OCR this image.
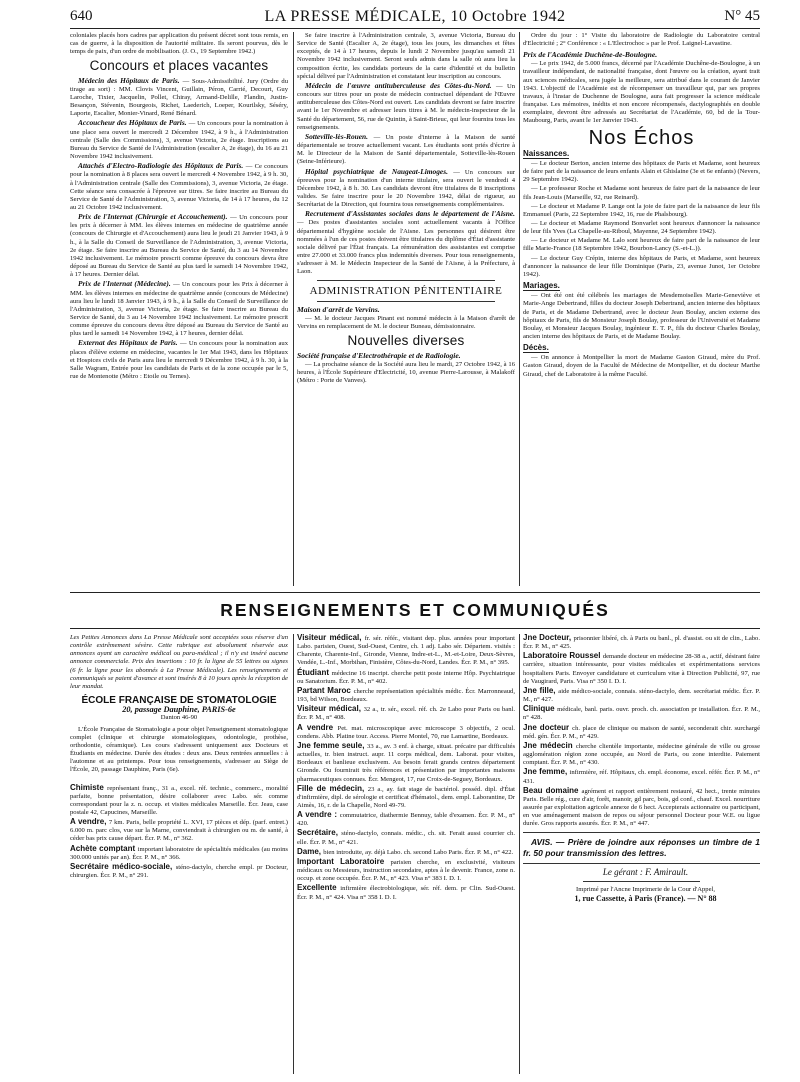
640	LA PRESSE MÉDICALE, 10 Octobre 1942	N° 45

coloniales placés hors cadres par application du présent décret sont tous remis, en cas de guerre, à la disposition de l'autorité militaire. Ils seront pourvus, dès le temps de paix, d'un ordre de mobilisation. (J. O., 19 Septembre 1942.)

Concours et places vacantes

Médecin des Hôpitaux de Paris. — Sous-Admissibilité. Jury (Ordre du tirage au sort) : MM. Clovis Vincent, Guillain, Péron, Carrié, Decourt, Guy Laroche, Tixier, Jacquelin, Pollet, Chiray, Armand-Delille, Flandin, Justin-Besançon, Stévenin, Bourgeois, Richet, Laederich, Loeper, Kourilsky, Séséry, Laporte, Escalier, Monier-Vinard, René Bénard.

Accoucheur des Hôpitaux de Paris. — Un concours pour la nomination à une place sera ouvert le mercredi 2 Décembre 1942, à 9 h., à l'Administration centrale (Salle des Commissions), 3, avenue Victoria, 2e étage. Inscriptions au Bureau du Service de Santé de l'Administration (escalier A, 2e étage), du 16 au 21 Novembre 1942 inclusivement.

Attachés d'Electro-Radiologie des Hôpitaux de Paris. — Ce concours pour la nomination à 8 places sera ouvert le mercredi 4 Novembre 1942, à 9 h. 30, à l'Administration centrale (Salle des Commissions), 3, avenue Victoria, 2e étage. Cette séance sera consacrée à l'épreuve sur titres. Se faire inscrire au Bureau du Service de Santé de l'Administration, 3, avenue Victoria, de 14 à 17 heures, du 12 au 21 Octobre 1942 inclusivement.

Prix de l'Internat (Chirurgie et Accouchement). — Un concours pour les prix à décerner à MM. les élèves internes en médecine de quatrième année (concours de Chirurgie et d'Accouchement) aura lieu le jeudi 21 Janvier 1943, à 9 h., à la Salle du Conseil de Surveillance de l'Administration, 3, avenue Victoria, 2e étage. Se faire inscrire au Bureau du Service de Santé, du 3 au 14 Novembre 1942 inclusivement. Le mémoire prescrit comme épreuve du concours devra être déposé au Bureau du Service de Santé au plus tard le samedi 14 Novembre 1942, à 17 heures. Dernier délai.

Prix de l'Internat (Médecine). — Un concours pour les Prix à décerner à MM. les élèves internes en médecine de quatrième année (concours de Médecine) aura lieu le lundi 18 Janvier 1943, à 9 h., à la Salle du Conseil de Surveillance de l'Administration, 3, avenue Victoria, 2e étage. Se faire inscrire au Bureau du Service de Santé, du 3 au 14 Novembre 1942 inclusivement. Le mémoire prescrit comme épreuve du concours devra être déposé au Bureau du Service de Santé au plus tard le samedi 14 Novembre 1942, à 17 heures, dernier délai.

Externat des Hôpitaux de Paris. — Un concours pour la nomination aux places d'élève externe en médecine, vacantes le 1er Mai 1943, dans les Hôpitaux et Hospices civils de Paris aura lieu le mercredi 9 Décembre 1942, à 9 h. 30, à la Salle Wagram, Entrée pour les candidats de Paris et de la zone occupée par le 5, rue de Montenotte (Métro : Etoile ou Ternes).

Se faire inscrire à l'Administration centrale, 3, avenue Victoria, Bureau du Service de Santé (Escalier A, 2e étage), tous les jours, les dimanches et fêtes exceptés, de 14 à 17 heures, depuis le lundi 2 Novembre jusqu'au samedi 21 Novembre 1942 inclusivement. Seront seuls admis dans la salle où aura lieu la composition écrite, les candidats porteurs de la carte d'identité et du bulletin spécial délivré par l'Administration et constatant leur inscription au concours.

Médecin de l'œuvre antituberculeuse des Côtes-du-Nord. — Un concours sur titres pour un poste de médecin contractuel dépendant de l'Œuvre antituberculeuse des Côtes-Nord est ouvert. Les candidats devront se faire inscrire avant le 1er Novembre et adresser leurs titres à M. le médecin-inspecteur de la Santé du département, 56, rue de Quintin, à Saint-Brieuc, qui leur fournira tous les renseignements.

Sotteville-lès-Rouen. — Un poste d'interne à la Maison de santé départementale se trouve actuellement vacant. Les étudiants sont priés d'écrire à M. le Directeur de la Maison de Santé départementale, Sotteville-lès-Rouen (Seine-Inférieure).

Hôpital psychiatrique de Naugeat-Limoges. — Un concours sur épreuves pour la nomination d'un interne titulaire, sera ouvert le vendredi 4 Décembre 1942, à 8 h. 30. Les candidats devront être titulaires de 8 inscriptions valides. Se faire inscrire pour le 20 Novembre 1942, délai de rigueur, au Secrétariat de la Direction, qui fournira tous renseignements complémentaires.

Recrutement d'Assistantes sociales dans le département de l'Aisne. — Des postes d'assistantes sociales sont actuellement vacants à l'Office départemental d'hygiène sociale de l'Aisne. Les personnes qui désirent être nommées à l'un de ces postes doivent être titulaires du diplôme d'État d'assistante sociale délivré par l'État français. La rémunération des assistantes est comprise entre 27.000 et 33.000 francs plus indemnités diverses. Pour tous renseignements, s'adresser à M. le Médecin Inspecteur de la Santé de l'Aisne, à la Préfecture, à Laon.

ADMINISTRATION PÉNITENTIAIRE
Maison d'arrêt de Vervins.

— M. le docteur Jacques Pinant est nommé médecin à la Maison d'arrêt de Vervins en remplacement de M. le docteur Buneau, démissionnaire.

Nouvelles diverses
Société française d'Electrothérapie et de Radiologie.

— La prochaine séance de la Société aura lieu le mardi, 27 Octobre 1942, à 16 heures, à l'École Supérieure d'Electricité, 10, avenue Pierre-Larousse, à Malakoff (Métro : Porte de Vanves).

Ordre du jour : 1° Visite du laboratoire de Radiologie du Laboratoire central d'Electricité ; 2° Conférence : « L'Electrochoc » par le Prof. Laignel-Lavastine.

Prix de l'Académie Duchêne-de-Boulogne.

— Le prix 1942, de 5.000 francs, décerné par l'Académie Duchêne-de-Boulogne, à un travailleur indépendant, de nationalité française, dont l'œuvre ou la création, ayant trait aux sciences médicales, sera jugée la meilleure, sera attribué dans le courant de Janvier 1943. L'objectif de l'Académie est de récompenser un travailleur qui, par ses propres travaux, à l'instar de Duchenne de Boulogne, aura fait progresser la science médicale française. Les mémoires, inédits et non encore récompensés, dactylographiés en double exemplaire, devront être adressés au Secrétariat de l'Académie, 60, bd de la Tour-Maubourg, Paris, avant le 1er Janvier 1943.

Nos Échos
Naissances.

— Le docteur Berton, ancien interne des hôpitaux de Paris et Madame, sont heureux de faire part de la naissance de leurs enfants Alain et Ghislaine (3e et 6e enfants) (Nevers, 29 Septembre 1942).

— Le professeur Roche et Madame sont heureux de faire part de la naissance de leur fils Jean-Louis (Marseille, 92, rue Reinard).

— Le docteur et Madame P. Lange ont la joie de faire part de la naissance de leur fils Emmanuel (Paris, 22 Septembre 1942, 16, rue de Phalsbourg).

— Le docteur et Madame Raymond Bonvarlet sont heureux d'annoncer la naissance de leur fils Yves (La Chapelle-au-Riboul, Mayenne, 24 Septembre 1942).

— Le docteur et Madame M. Lalo sont heureux de faire part de la naissance de leur fille Marie-France (18 Septembre 1942, Bourbon-Lancy (S.-et-L.)).

— Le docteur Guy Crépin, interne des hôpitaux de Paris, et Madame, sont heureux d'annoncer la naissance de leur fille Dominique (Paris, 23, avenue Junot, 1er Octobre 1942).

Mariages.

— Ont été ont été célébrés les mariages de Mesdemoiselles Marie-Geneviève et Marie-Ange Debertrand, filles du docteur Joseph Debertrand, ancien interne des hôpitaux de Paris, et de Madame Debertrand, avec le docteur Jean Boulay, ancien externe des hôpitaux de Paris, fils de Monsieur Joseph Boulay, professeur de l'Université et Madame Boulay, et Monsieur Jacques Boulay, ingénieur E. T. P., fils du docteur Charles Boulay, ancien interne des hôpitaux de Paris, et de Madame Boulay.

Décès.

— On annonce à Montpellier la mort de Madame Gaston Giraud, mère du Prof. Gaston Giraud, doyen de la Faculté de Médecine de Montpellier, et du docteur Marthe Giraud, chef de Laboratoire à la même Faculté.

RENSEIGNEMENTS ET COMMUNIQUÉS

Les Petites Annonces dans La Presse Médicale sont acceptées sous réserve d'un contrôle extrêmement sévère. Cette rubrique est absolument réservée aux annonces ayant un caractère médical ou para-médical ; il n'y est inséré aucune annonce commerciale. Prix des insertions : 10 fr. la ligne de 55 lettres ou signes (6 fr. la ligne pour les abonnés à La Presse Médicale). Les renseignements et communiqués se paient d'avance et sont insérés 8 à 10 jours après la réception de leur mandat.

ÉCOLE FRANÇAISE DE STOMATOLOGIE
20, passage Dauphine, PARIS-6e
Danton 46-90

L'École Française de Stomatologie a pour objet l'enseignement stomatologique complet (clinique et chirurgie stomatologiques, odontologie, prothèse, orthodontie, céramique). Les cours s'adressent uniquement aux Docteurs et Étudiants en médecine. Durée des études : deux ans. Deux rentrées annuelles : à l'automne et au printemps. Pour tous renseignements, s'adresser au Siège de l'École, 20, passage Dauphine, Paris (6e).

Chimiste représentant franç., 31 a., excel. réf. technic., commerc., moralité parfaite, bonne présentation, désire collaborer avec Labo. sér. comme correspondant pour la z. n. occup. et visites médicales Marseille. Écr. Jeau, case postale 42, Capucines, Marseille.

A vendre, 7 km. Paris, belle propriété L. XVI, 17 pièces et dép. (parf. entret.) 6.000 m. parc clos, vue sur la Marne, conviendrait à chirurgien ou m. de santé, à céder bas prix cause départ. Écr. P. M., n° 362.

Achète comptant important laboratoire de spécialités médicales (au moins 300.000 unités par an). Écr. P. M., n° 366.

Secrétaire médico-sociale, sténo-dactylo, cherche empl. pr Docteur, chirurgien. Écr. P. M., n° 291.

Visiteur médical, fr. sér. référ., visitant dep. plus. années pour important Labo. parisien, Ouest, Sud-Ouest, Centre, ch. 1 adj. Labo sér. Départem. visités : Charente, Charente-Inf., Gironde, Vienne, Indre-et-L., M.-et-Loire, Deux-Sèvres, Vendée, L.-Inf., Morbihan, Finistère, Côtes-du-Nord, Landes. Écr. P. M., n° 395.

Étudiant médecine 16 inscript. cherche petit poste interne Hôp. Psychiatrique ou Sanatorium. Écr. P. M., n° 402.

Partant Maroc cherche représentation spécialités médic. Écr. Marronneaud, 193, bd Wilson, Bordeaux.

Visiteur médical, 32 a., tr. sér., excel. réf. ch. 2e Labo pour Paris ou banl. Écr. P. M., n° 408.

A vendre Pet. mat. microscopique avec microscope 3 objectifs, 2 ocul. condens. Abb. Platine tour. Access. Pierre Montel, 70, rue Lamartine, Bordeaux.

Jne femme seule, 33 a., av. 3 enf. à charge, situat. précaire par difficultés actuelles, tr. bien instruct. aupr. 11 corps médical, dem. Laborat. pour visites, Bordeaux et banlieue exclusivem. Au besoin ferait grands centres département Gironde. Ou fournirait très références et présentation par importantes maisons pharmaceutiques connues. Écr. Mengeot, 17, rue Croix-de-Seguey, Bordeaux.

Fille de médecin, 23 a., ay. fait stage de bactériol. posséd. dipl. d'État d'infirmière, dipl. de sérologie et certificat d'hématol., dem. empl. Laborantine, Dr Aimès, 16, r. de la Chapelle, Nord 49-79.

A vendre : commutatrice, diathermie Bennuy, table d'examen. Écr. P. M., n° 420.

Secrétaire, sténo-dactylo, connais. médic., ch. sit. Ferait aussi courrier ch. elle. Écr. P. M., n° 421.

Dame, bien introduite, ay. déjà Labo. ch. second Labo Paris. Écr. P. M., n° 422.

Important Laboratoire parisien cherche, en exclusivité, visiteurs médicaux ou Messieurs, instruction secondaire, aptes à le devenir. France, zone n. occup. et zone occupée. Écr. P. M., n° 423. Visa n° 383 I. D. I.

Excellente infirmière électrobiologique, sér. réf. dem. pr Clin. Sud-Ouest. Écr. P. M., n° 424. Visa n° 358 I. D. I.

Jne Docteur, prisonnier libéré, ch. à Paris ou banl., pl. d'assist. ou sit de clin., Labo. Écr. P. M., n° 425.

Laboratoire Roussel demande docteur en médecine 28-38 a., actif, désirant faire carrière, situation intéressante, pour visites médicales et expérimentations services hospitaliers Paris. Envoyer candidature et curriculum vitæ à Direction Publicité, 97, rue de Vaugirard, Paris. Visa n° 350 I. D. I.

Jne fille, aide médico-sociale, connais. sténo-dactylo, dem. secrétariat médic. Écr. P. M., n° 427.

Clinique médicale, banl. paris. ouvr. proch. ch. associatïon pr installation. Écr. P. M., n° 428.

Jne docteur ch. place de clinique ou maison de santé, seconderait chir. surchargé méd. gén. Écr. P. M., n° 429.

Jne médecin cherche clientèle importante, médecine générale de ville ou grosse agglomération région zone occupée, au Nord de Paris, ou zone interdite. Paiement comptant. Écr. P. M., n° 430.

Jne femme, infirmière, réf. Hôpitaux, ch. empl. économe, excel. référ. Écr. P. M., n° 431.

Beau domaine agrément et rapport entièrement restauré, 42 hect., trente minutes Paris. Belle rég., cure d'air, forêt, manoir, gd parc, bois, gd conf., chauf. Excel. nourriture assurée par exploitation agricole annexe de 6 hect. Accepterais actionnaire ou participant, en vue aménagement maison de repos ou séjour personnel Docteur pour W.E. ou ligue durée. Gros rapports assurés. Écr. P. M., n° 447.

AVIS. — Prière de joindre aux réponses un timbre de 1 fr. 50 pour transmission des lettres.

Le gérant : F. Amirault.

Imprimé par l'Ancne Imprimerie de la Cour d'Appel,

1, rue Cassette, à Paris (France). — N° 88
